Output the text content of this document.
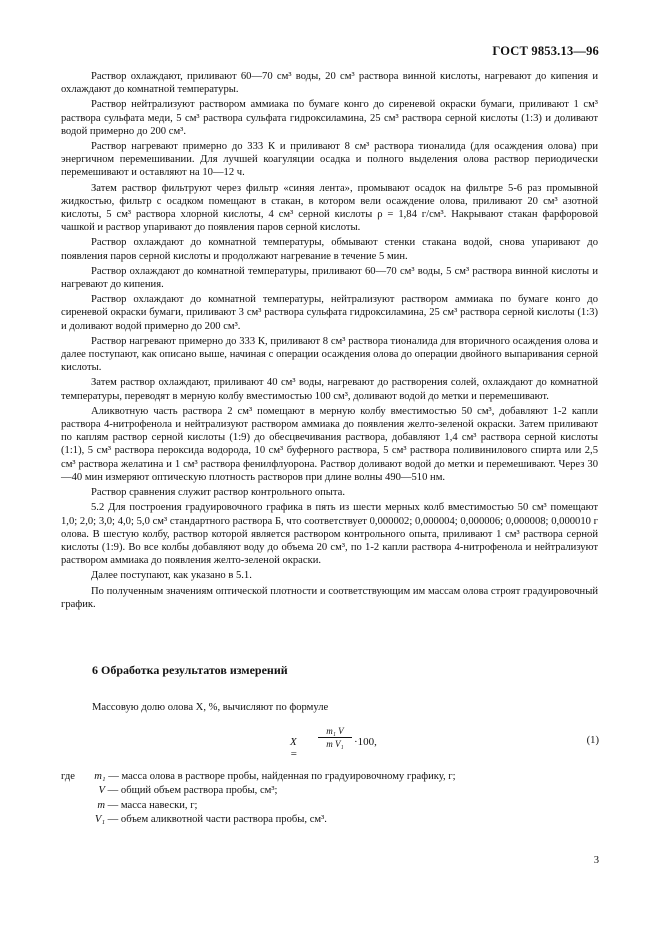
ГОСТ 9853.13—96

Раствор охлаждают, приливают 60—70 см³ воды, 20 см³ раствора винной кислоты, нагревают до кипения и охлаждают до комнатной температуры.

Раствор нейтрализуют раствором аммиака по бумаге конго до сиреневой окраски бумаги, приливают 1 см³ раствора сульфата меди, 5 см³ раствора сульфата гидроксиламина, 25 см³ раствора серной кислоты (1:3) и доливают водой примерно до 200 см³.

Раствор нагревают примерно до 333 К и приливают 8 см³ раствора тионалида (для осаждения олова) при энергичном перемешивании. Для лучшей коагуляции осадка и полного выделения олова раствор периодически перемешивают и оставляют на 10—12 ч.

Затем раствор фильтруют через фильтр «синяя лента», промывают осадок на фильтре 5-6 раз промывной жидкостью, фильтр с осадком помещают в стакан, в котором вели осаждение олова, приливают 20 см³ азотной кислоты, 5 см³ раствора хлорной кислоты, 4 см³ серной кислоты ρ = 1,84 г/см³. Накрывают стакан фарфоровой чашкой и раствор упаривают до появления паров серной кислоты.

Раствор охлаждают до комнатной температуры, обмывают стенки стакана водой, снова упаривают до появления паров серной кислоты и продолжают нагревание в течение 5 мин.

Раствор охлаждают до комнатной температуры, приливают 60—70 см³ воды, 5 см³ раствора винной кислоты и нагревают до кипения.

Раствор охлаждают до комнатной температуры, нейтрализуют раствором аммиака по бумаге конго до сиреневой окраски бумаги, приливают 3 см³ раствора сульфата гидроксиламина, 25 см³ раствора серной кислоты (1:3) и доливают водой примерно до 200 см³.

Раствор нагревают примерно до 333 К, приливают 8 см³ раствора тионалида для вторичного осаждения олова и далее поступают, как описано выше, начиная с операции осаждения олова до операции двойного выпаривания серной кислоты.

Затем раствор охлаждают, приливают 40 см³ воды, нагревают до растворения солей, охлаждают до комнатной температуры, переводят в мерную колбу вместимостью 100 см³, доливают водой до метки и перемешивают.

Аликвотную часть раствора 2 см³ помещают в мерную колбу вместимостью 50 см³, добавляют 1-2 капли раствора 4-нитрофенола и нейтрализуют раствором аммиака до появления желто-зеленой окраски. Затем приливают по каплям раствор серной кислоты (1:9) до обесцвечивания раствора, добавляют 1,4 см³ раствора серной кислоты (1:1), 5 см³ раствора пероксида водорода, 10 см³ буферного раствора, 5 см³ раствора поливинилового спирта или 2,5 см³ раствора желатина и 1 см³ раствора фенилфлуорона. Раствор доливают водой до метки и перемешивают. Через 30—40 мин измеряют оптическую плотность растворов при длине волны 490—510 нм.

Раствор сравнения служит раствор контрольного опыта.

5.2 Для построения градуировочного графика в пять из шести мерных колб вместимостью 50 см³ помещают 1,0; 2,0; 3,0; 4,0; 5,0 см³ стандартного раствора Б, что соответствует 0,000002; 0,000004; 0,000006; 0,000008; 0,000010 г олова. В шестую колбу, раствор которой является раствором контрольного опыта, приливают 1 см³ раствора серной кислоты (1:9). Во все колбы добавляют воду до объема 20 см³, по 1-2 капли раствора 4-нитрофенола и нейтрализуют раствором аммиака до появления желто-зеленой окраски.

Далее поступают, как указано в 5.1.

По полученным значениям оптической плотности и соответствующим им массам олова строят градуировочный график.

6 Обработка результатов измерений
Массовую долю олова X, %, вычисляют по формуле
X =
$\frac{\text{m₁ V}}{\text{m V₁}} \cdot 100$,	(1)
где m₁ — масса олова в растворе пробы, найденная по градуировочному графику, г;
V — общий объем раствора пробы, см³;
m — масса навески, г;
V₁ — объем аликвотной части раствора пробы, см³.
3
